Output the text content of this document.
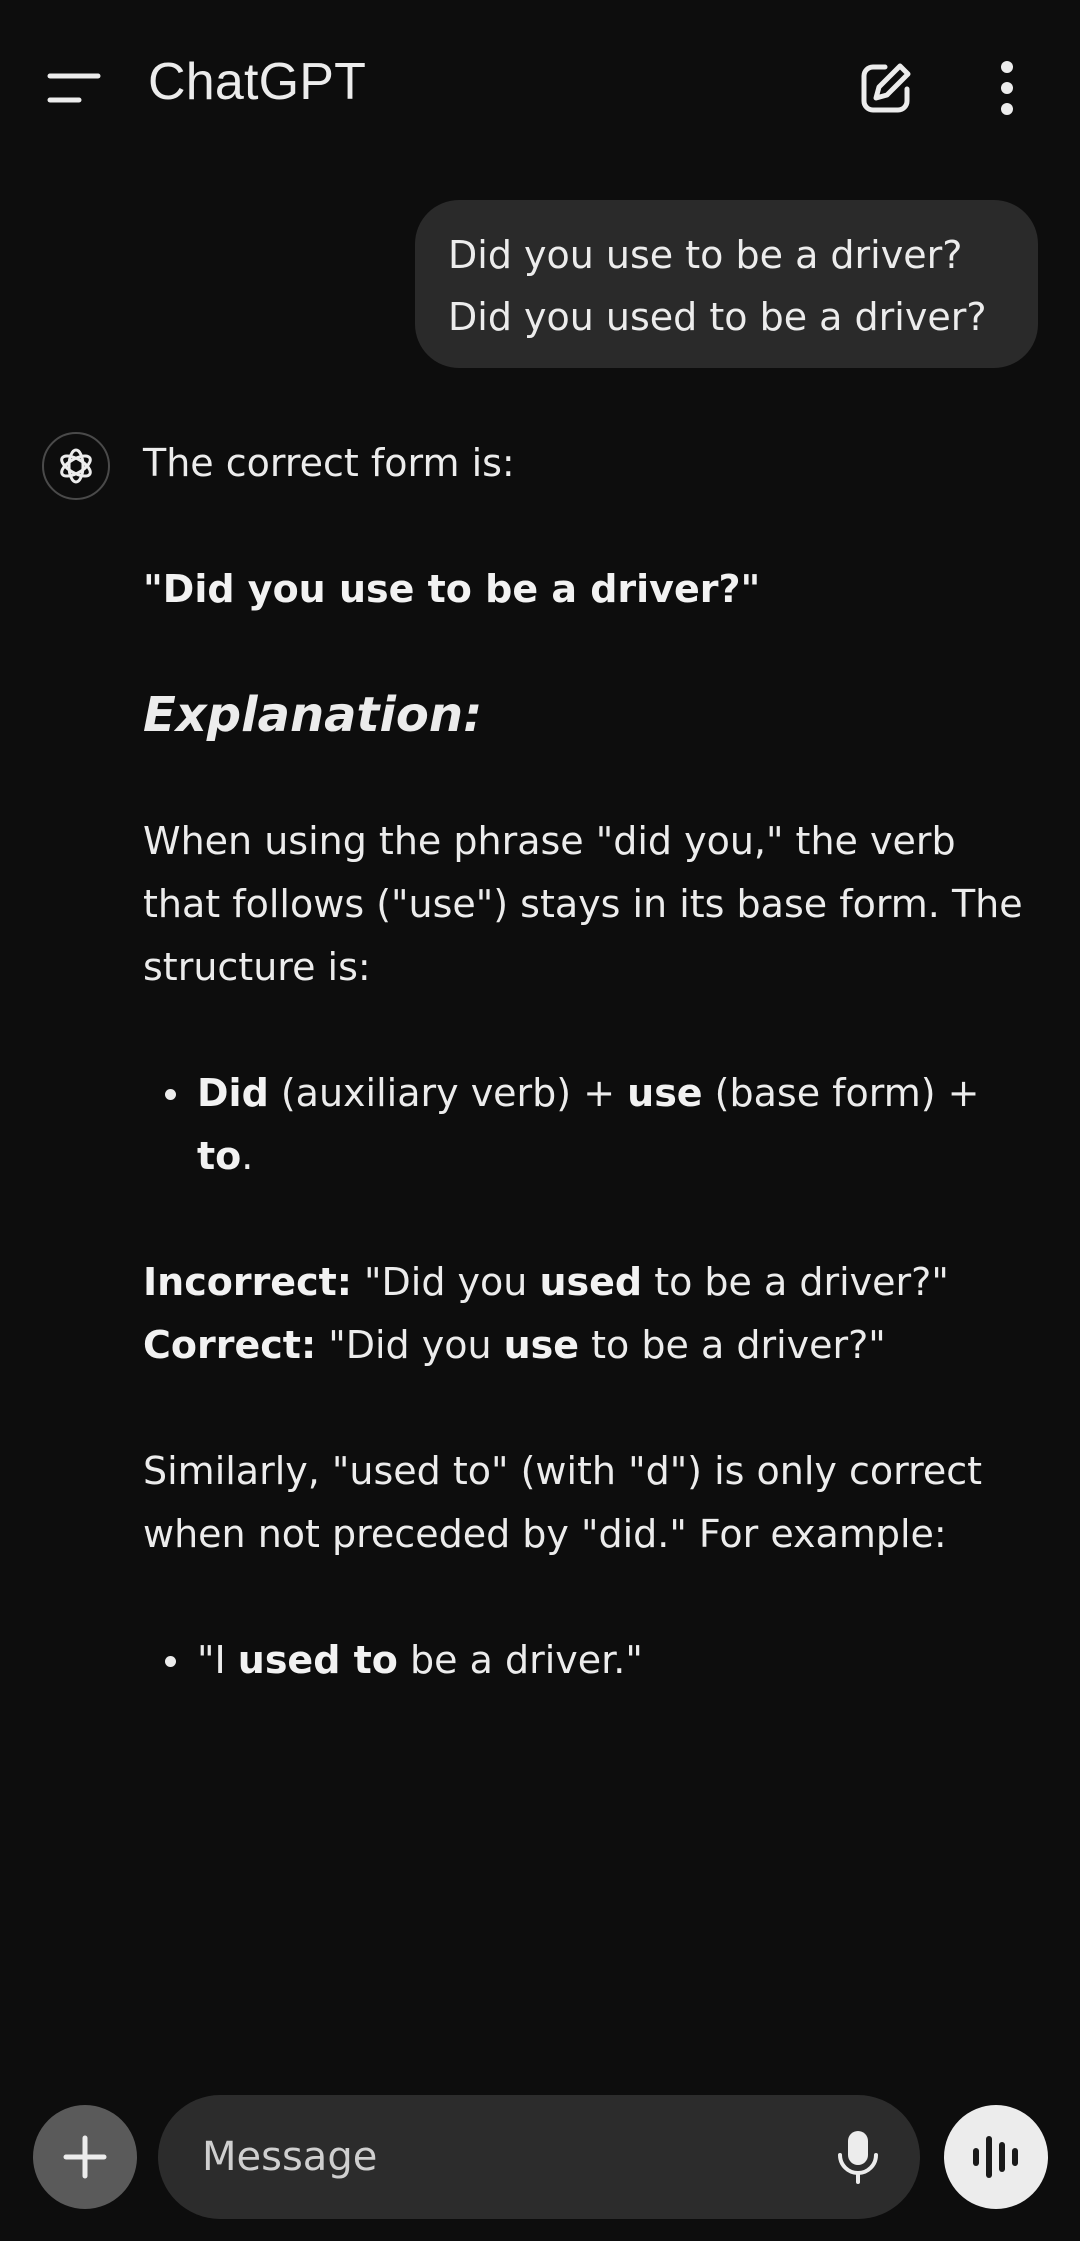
ChatGPT
Did you use to be a driver?
Did you used to be a driver?

The correct form is:

"Did you use to be a driver?"

Explanation:

When using the phrase "did you," the verb that follows ("use") stays in its base form. The structure is:

Did (auxiliary verb) + use (base form) + to.

Incorrect: "Did you used to be a driver?"

Correct: "Did you use to be a driver?"

Similarly, "used to" (with "d") is only correct when not preceded by "did." For example:

"I used to be a driver."
Message
